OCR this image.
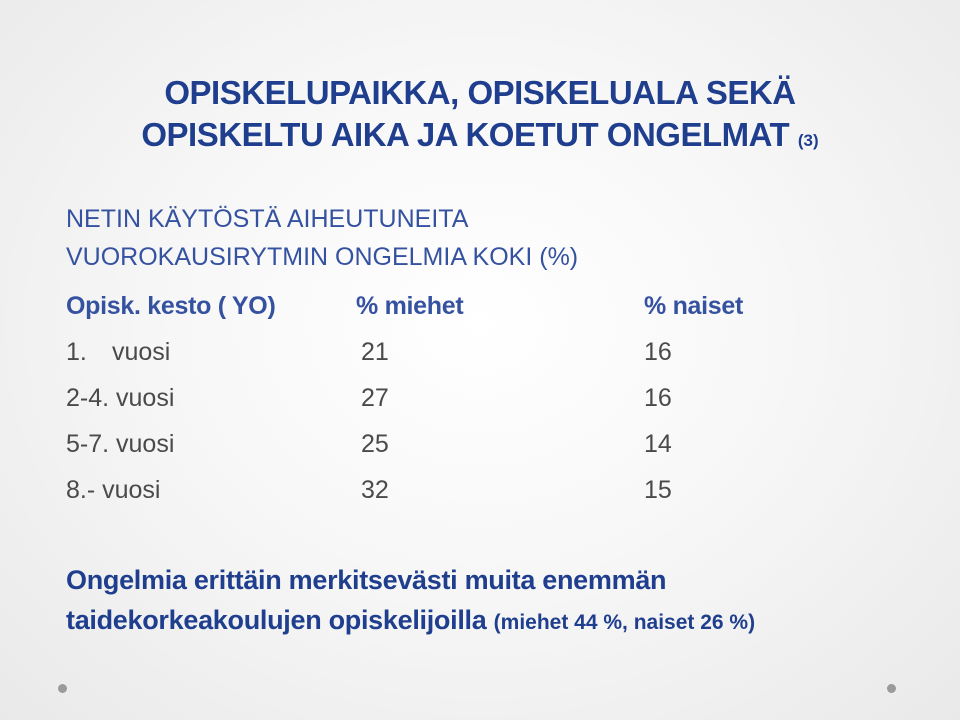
OPISKELUPAIKKA, OPISKELUALA SEKÄ
OPISKELTU AIKA JA KOETUT ONGELMAT (3)
NETIN KÄYTÖSTÄ AIHEUTUNEITA
VUOROKAUSIRYTMIN ONGELMIA KOKI (%)
Opisk. kesto ( YO)	% miehet	% naiset
1. vuosi	21	16
2-4. vuosi	27	16
5-7. vuosi	25	14
8.- vuosi	32	15
Ongelmia erittäin merkitsevästi muita enemmän
taidekorkeakoulujen opiskelijoilla (miehet 44 %, naiset 26 %)
